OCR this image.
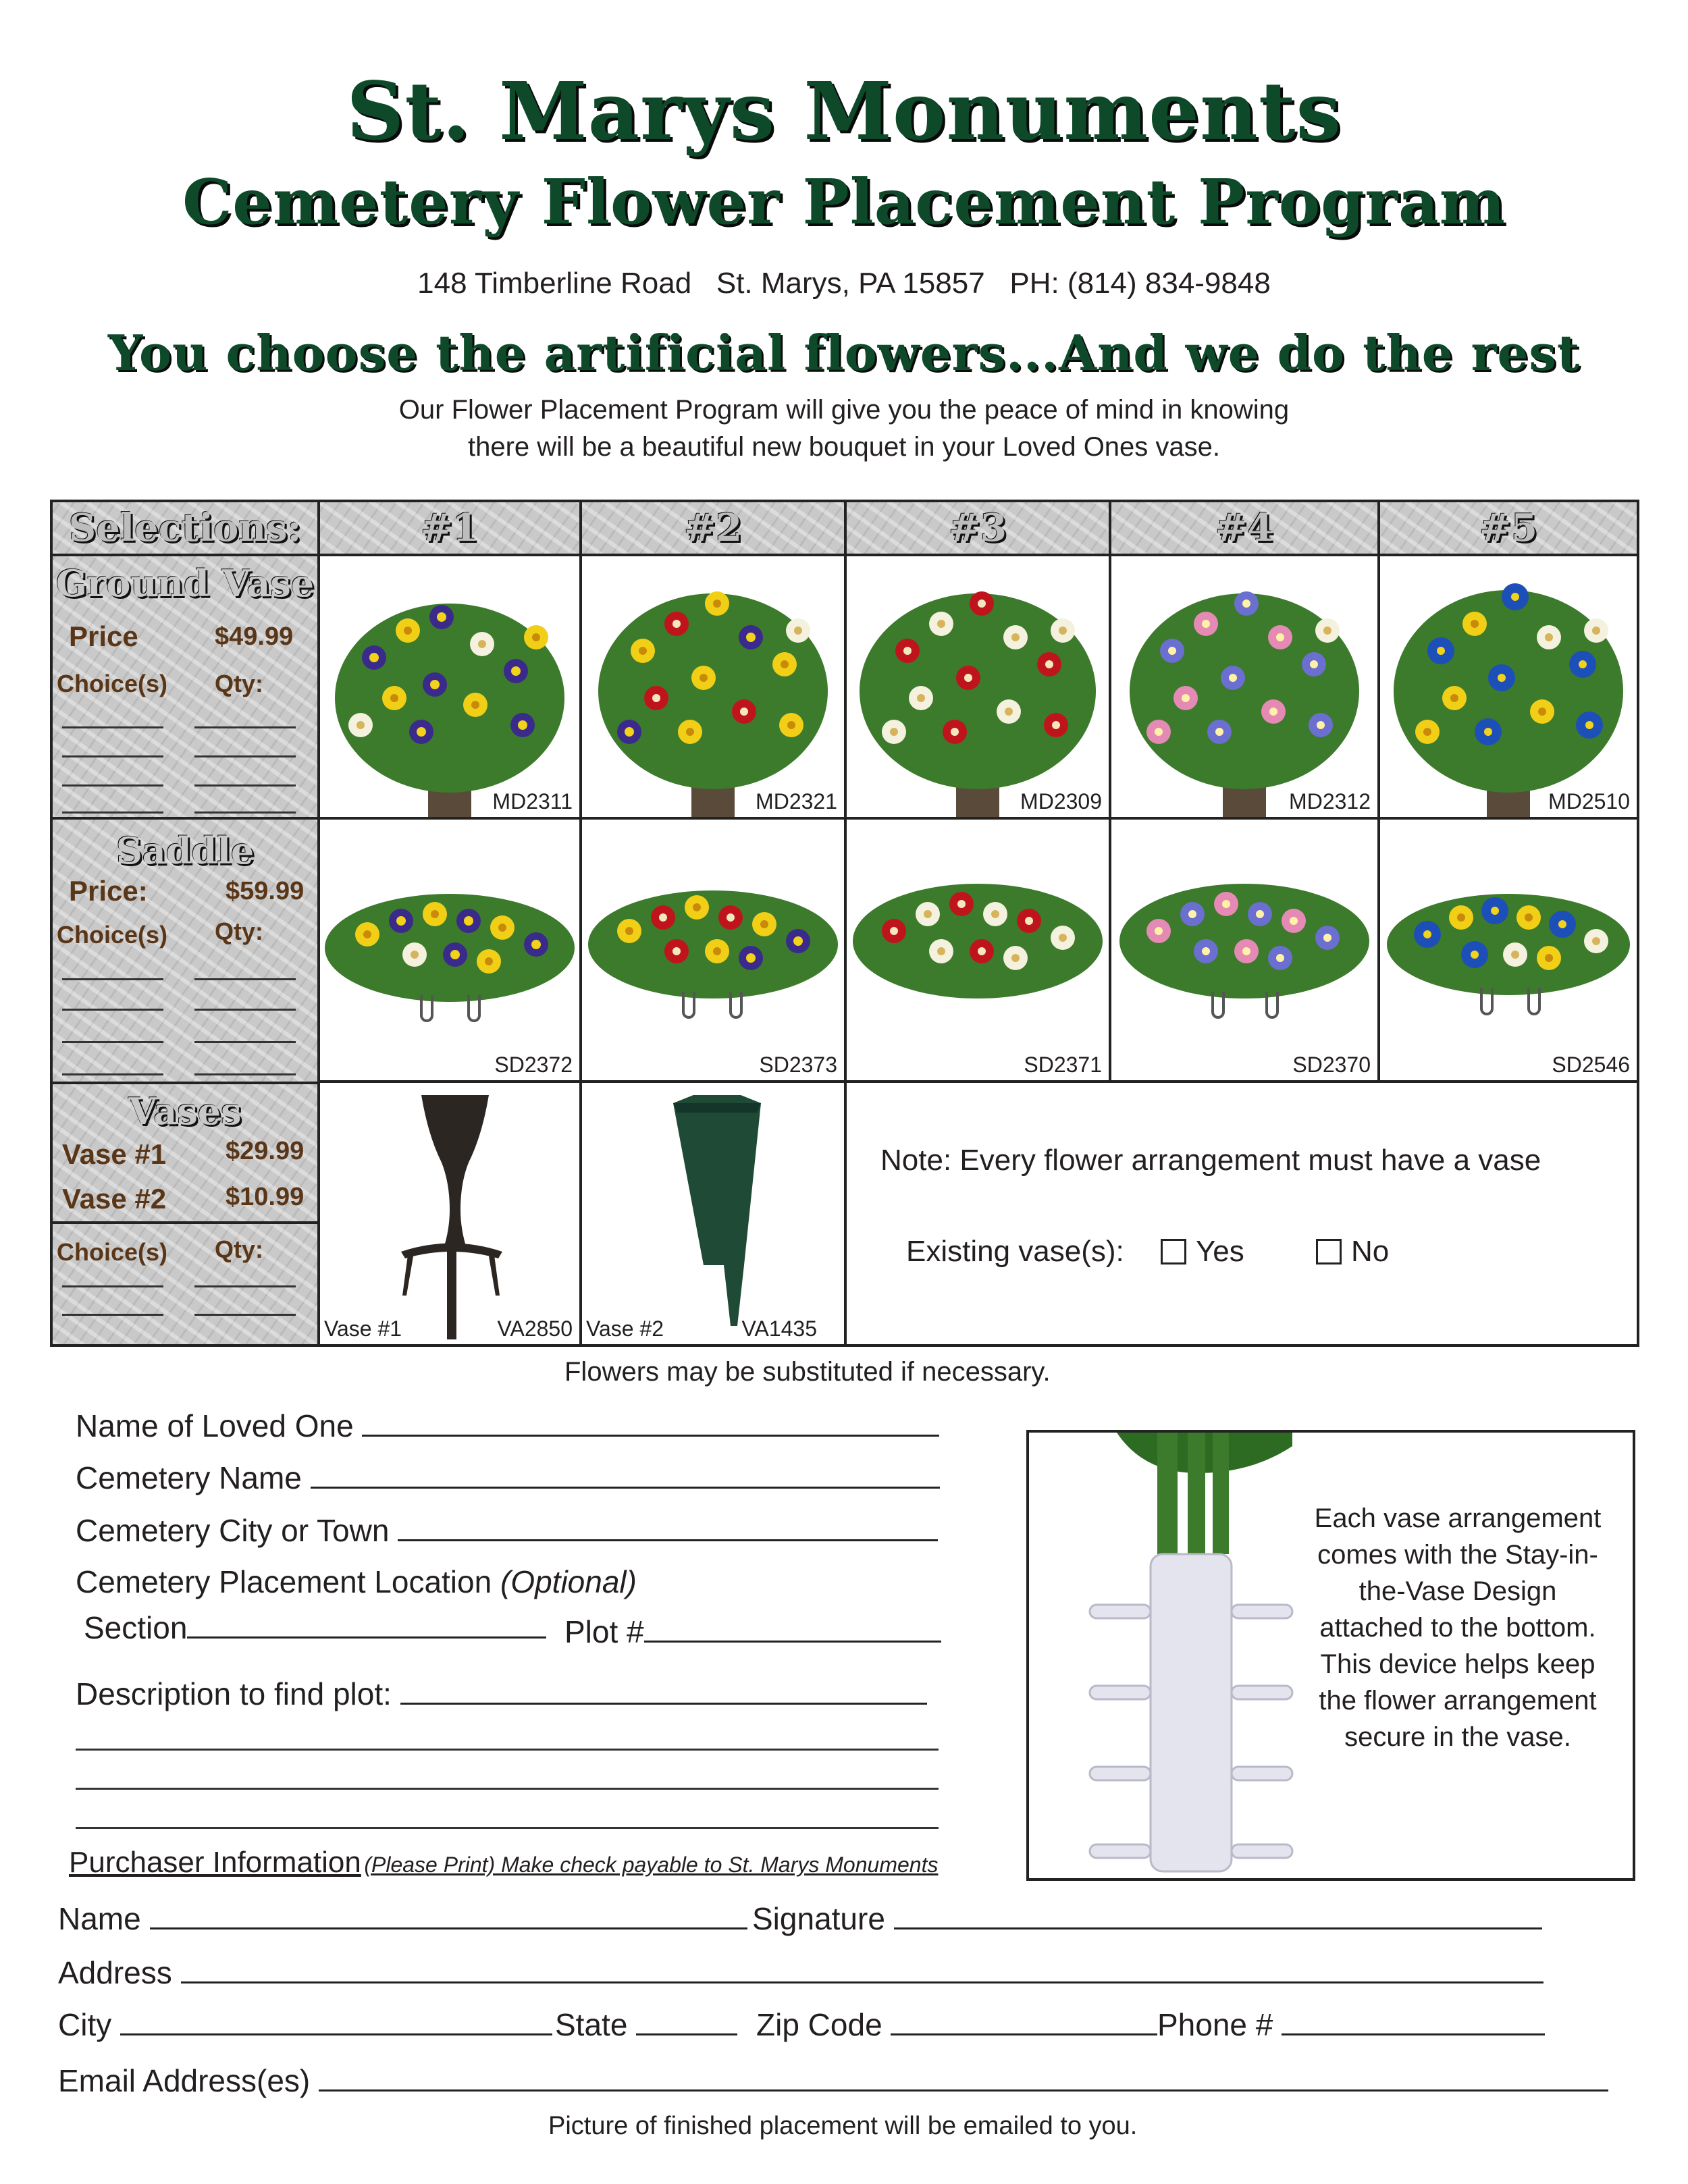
St. Marys Monuments
Cemetery Flower Placement Program
148 Timberline Road   St. Marys, PA 15857   PH: (814) 834-9848
You choose the artificial flowers...And we do the rest
Our Flower Placement Program will give you the peace of mind in knowing
there will be a beautiful new bouquet in your Loved Ones vase.
Selections:	#1	#2	#3	#4	#5
Ground Vase
Price	$49.99
Choice(s) Qty:
Saddle
Price:	$59.99
Choice(s) Qty:
Vases
Vase #1 $29.99
Vase #2 $10.99
Choice(s) Qty:
MD2311	MD2321	MD2309	MD2312	MD2510
SD2372	SD2373	SD2371	SD2370	SD2546
Vase #1	VA2850 Vase #2	VA1435
Note: Every flower arrangement must have a vase
Existing vase(s): Yes	No
Flowers may be substituted if necessary.
Name of Loved One
Cemetery Name
Cemetery City or Town
Cemetery Placement Location (Optional)
Section	Plot #
Description to find plot:
Each vase arrangement comes with the Stay-in-the-Vase Design attached to the bottom. This device helps keep the flower arrangement secure in the vase.
Purchaser Information (Please Print) Make check payable to St. Marys Monuments
Name	Signature
Address
City	State	Zip Code	Phone #
Email Address(es)
Picture of finished placement will be emailed to you.
